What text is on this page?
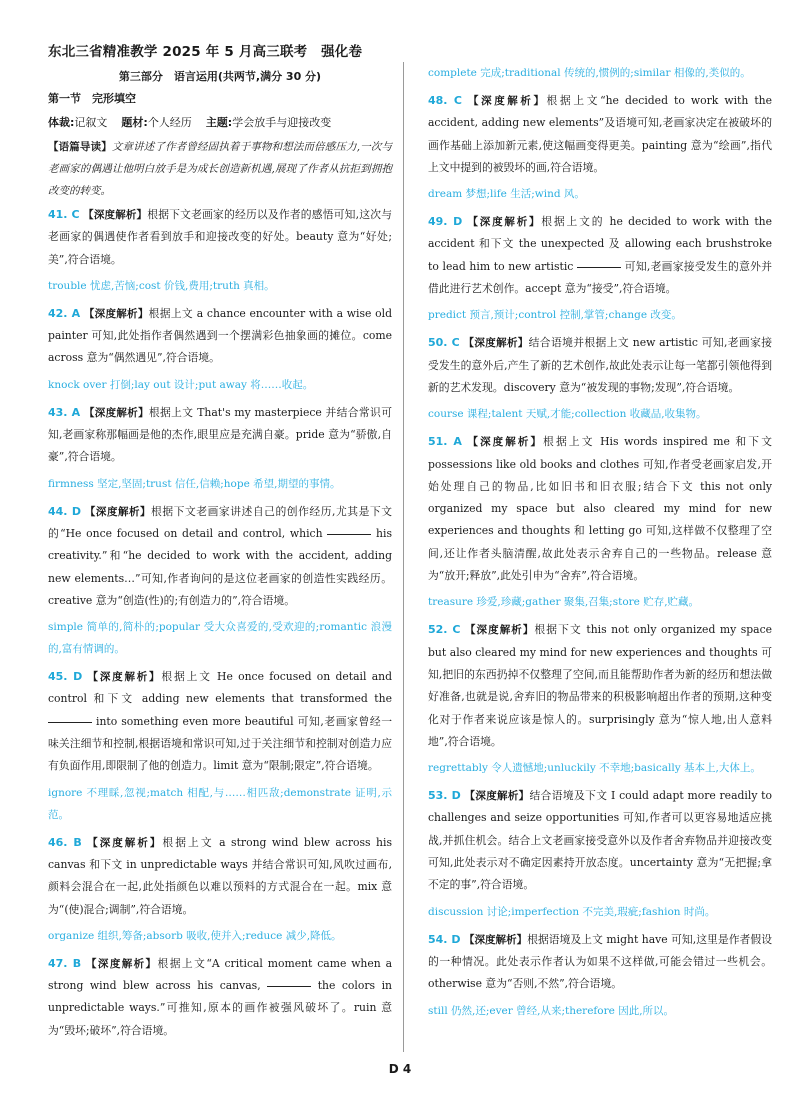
东北三省精准教学 2025 年 5 月高三联考　强化卷
第三部分　语言运用(共两节,满分 30 分)
第一节　完形填空
体裁:记叙文 题材:个人经历 主题:学会放手与迎接改变
【语篇导读】文章讲述了作者曾经固执着于事物和想法而倍感压力,一次与老画家的偶遇让他明白放手是为成长创造新机遇,展现了作者从抗拒到拥抱改变的转变。
41. C 【深度解析】根据下文老画家的经历以及作者的感悟可知,这次与老画家的偶遇使作者看到放手和迎接改变的好处。beauty 意为“好处;美”,符合语境。
trouble 忧虑,苦恼;cost 价钱,费用;truth 真相。
42. A 【深度解析】根据上文 a chance encounter with a wise old painter 可知,此处指作者偶然遇到一个摆满彩色抽象画的摊位。come across 意为“偶然遇见”,符合语境。
knock over 打倒;lay out 设计;put away 将……收起。
43. A 【深度解析】根据上文 That's my masterpiece 并结合常识可知,老画家称那幅画是他的杰作,眼里应是充满自豪。pride 意为“骄傲,自豪”,符合语境。
firmness 坚定,坚固;trust 信任,信赖;hope 希望,期望的事情。
44. D 【深度解析】根据下文老画家讲述自己的创作经历,尤其是下文的“He once focused on detail and control, which	his creativity.”和“he decided to work with the accident, adding new elements…”可知,作者询问的是这位老画家的创造性实践经历。creative 意为“创造(性)的;有创造力的”,符合语境。
simple 简单的,简朴的;popular 受大众喜爱的,受欢迎的;romantic 浪漫的,富有情调的。
45. D 【深度解析】根据上文 He once focused on detail and control 和下文 adding new elements that transformed the  into something even more beautiful 可知,老画家曾经一味关注细节和控制,根据语境和常识可知,过于关注细节和控制对创造力应有负面作用,即限制了他的创造力。limit 意为“限制;限定”,符合语境。
ignore 不理睬,忽视;match 相配,与……相匹敌;demonstrate 证明,示范。
46. B 【深度解析】根据上文 a strong wind blew across his canvas 和下文 in unpredictable ways 并结合常识可知,风吹过画布,颜料会混合在一起,此处指颜色以难以预料的方式混合在一起。mix 意为“(使)混合;调制”,符合语境。
organize 组织,筹备;absorb 吸收,使并入;reduce 减少,降低。
47. B 【深度解析】根据上文“A critical moment came when a strong wind blew across his canvas,	the colors in unpredictable ways.”可推知,原本的画作被强风破坏了。ruin 意为“毁坏;破坏”,符合语境。
complete 完成;traditional 传统的,惯例的;similar 相像的,类似的。
48. C 【深度解析】根据上文“he decided to work with the accident, adding new elements”及语境可知,老画家决定在被破坏的画作基础上添加新元素,使这幅画变得更美。painting 意为“绘画”,指代上文中提到的被毁坏的画,符合语境。
dream 梦想;life 生活;wind 风。
49. D 【深度解析】根据上文的 he decided to work with the accident 和下文 the unexpected 及 allowing each brushstroke to lead him to new artistic	可知,老画家接受发生的意外并借此进行艺术创作。accept 意为“接受”,符合语境。
predict 预言,预计;control 控制,掌管;change 改变。
50. C 【深度解析】结合语境并根据上文 new artistic 可知,老画家接受发生的意外后,产生了新的艺术创作,故此处表示让每一笔都引领他得到新的艺术发现。discovery 意为“被发现的事物;发现”,符合语境。
course 课程;talent 天赋,才能;collection 收藏品,收集物。
51. A 【深度解析】根据上文 His words inspired me 和下文 possessions like old books and clothes 可知,作者受老画家启发,开始处理自己的物品,比如旧书和旧衣服;结合下文 this not only organized my space but also cleared my mind for new experiences and thoughts 和 letting go 可知,这样做不仅整理了空间,还让作者头脑清醒,故此处表示舍弃自己的一些物品。release 意为“放开;释放”,此处引申为“舍弃”,符合语境。
treasure 珍爱,珍藏;gather 聚集,召集;store 贮存,贮藏。
52. C 【深度解析】根据下文 this not only organized my space but also cleared my mind for new experiences and thoughts 可知,把旧的东西扔掉不仅整理了空间,而且能帮助作者为新的经历和想法做好准备,也就是说,舍弃旧的物品带来的积极影响超出作者的预期,这种变化对于作者来说应该是惊人的。surprisingly 意为“惊人地,出人意料地”,符合语境。
regrettably 令人遗憾地;unluckily 不幸地;basically 基本上,大体上。
53. D 【深度解析】结合语境及下文 I could adapt more readily to challenges and seize opportunities 可知,作者可以更容易地适应挑战,并抓住机会。结合上文老画家接受意外以及作者舍弃物品并迎接改变可知,此处表示对不确定因素持开放态度。uncertainty 意为“无把握;拿不定的事”,符合语境。
discussion 讨论;imperfection 不完美,瑕疵;fashion 时尚。
54. D 【深度解析】根据语境及上文 might have 可知,这里是作者假设的一种情况。此处表示作者认为如果不这样做,可能会错过一些机会。otherwise 意为“否则,不然”,符合语境。
still 仍然,还;ever 曾经,从来;therefore 因此,所以。
D 4
